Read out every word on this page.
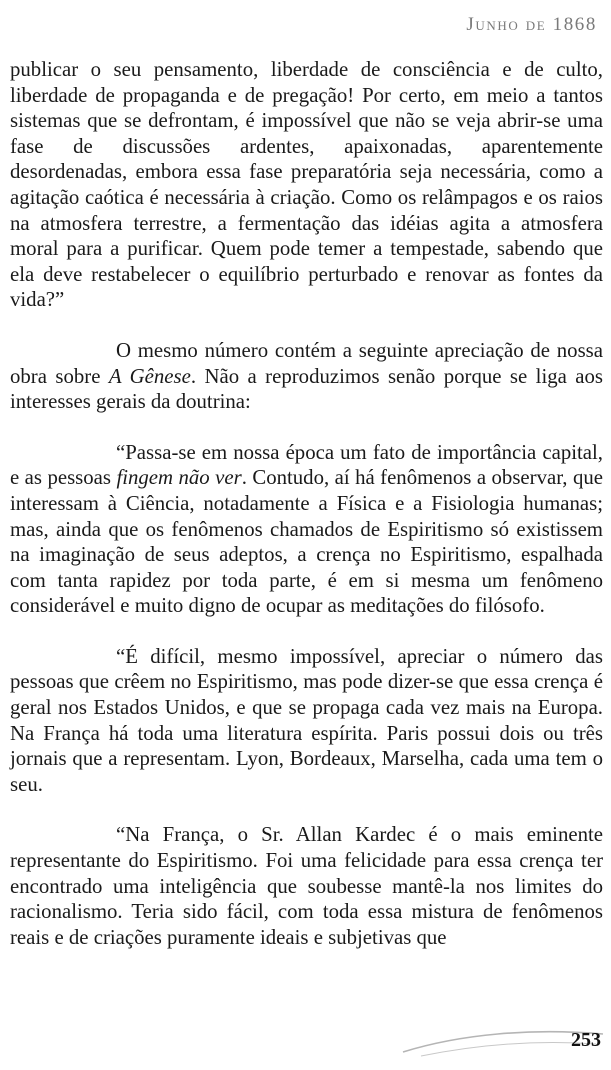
Junho de 1868

publicar o seu pensamento, liberdade de consciência e de culto, liberdade de propaganda e de pregação! Por certo, em meio a tantos sistemas que se defrontam, é impossível que não se veja abrir-se uma fase de discussões ardentes, apaixonadas, aparentemente desordenadas, embora essa fase preparatória seja necessária, como a agitação caótica é necessária à criação. Como os relâmpagos e os raios na atmosfera terrestre, a fermentação das idéias agita a atmosfera moral para a purificar. Quem pode temer a tempestade, sabendo que ela deve restabelecer o equilíbrio perturbado e renovar as fontes da vida?”

O mesmo número contém a seguinte apreciação de nossa obra sobre A Gênese. Não a reproduzimos senão porque se liga aos interesses gerais da doutrina:

“Passa-se em nossa época um fato de importância capital, e as pessoas fingem não ver. Contudo, aí há fenômenos a observar, que interessam à Ciência, notadamente a Física e a Fisiologia humanas; mas, ainda que os fenômenos chamados de Espiritismo só existissem na imaginação de seus adeptos, a crença no Espiritismo, espalhada com tanta rapidez por toda parte, é em si mesma um fenômeno considerável e muito digno de ocupar as meditações do filósofo.

“É difícil, mesmo impossível, apreciar o número das pessoas que crêem no Espiritismo, mas pode dizer-se que essa crença é geral nos Estados Unidos, e que se propaga cada vez mais na Europa. Na França há toda uma literatura espírita. Paris possui dois ou três jornais que a representam. Lyon, Bordeaux, Marselha, cada uma tem o seu.

“Na França, o Sr. Allan Kardec é o mais eminente representante do Espiritismo. Foi uma felicidade para essa crença ter encontrado uma inteligência que soubesse mantê-la nos limites do racionalismo. Teria sido fácil, com toda essa mistura de fenômenos reais e de criações puramente ideais e subjetivas que

253
